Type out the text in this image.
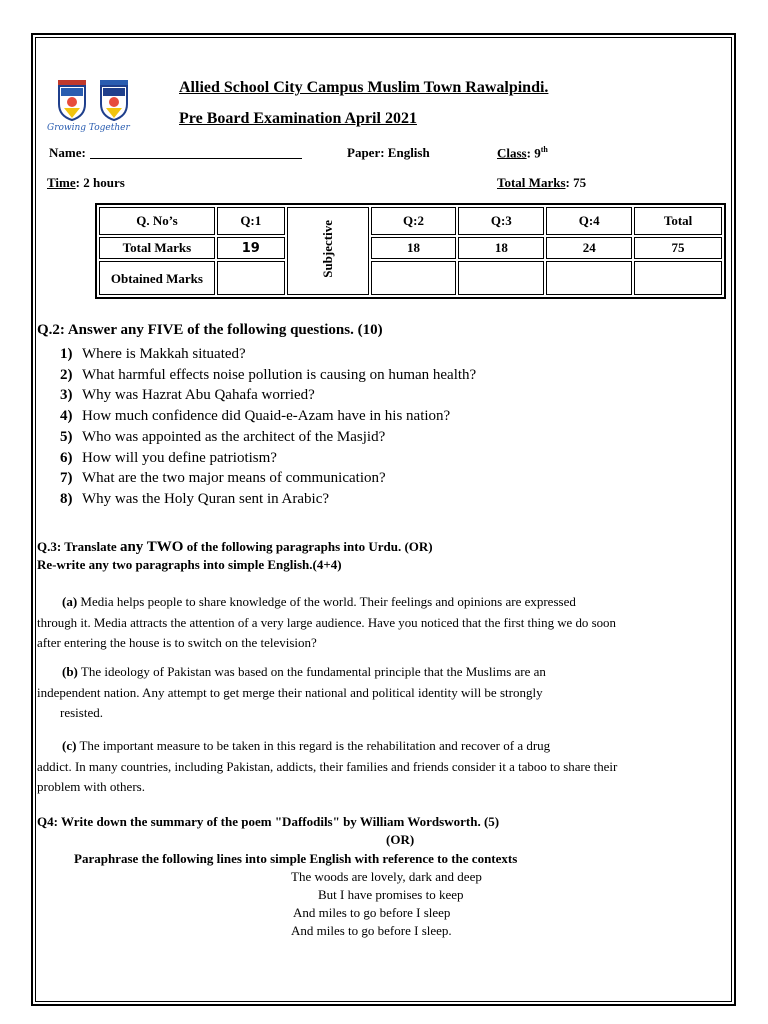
Growing Together
Allied School City Campus Muslim Town Rawalpindi.
Pre Board Examination April 2021
Name:	Paper: English	Class: 9th
Time: 2 hours	Total Marks: 75
Q. No’s	Q:1	Subjective	Q:2	Q:3	Q:4	Total
Total Marks	19		18	18	24	75
Obtained Marks						
Q.2: Answer any FIVE of the following questions. (10)
1) Where is Makkah situated?
2) What harmful effects noise pollution is causing on human health?
3) Why was Hazrat Abu Qahafa worried?
4) How much confidence did Quaid-e-Azam have in his nation?
5) Who was appointed as the architect of the Masjid?
6) How will you define patriotism?
7) What are the two major means of communication?
8) Why was the Holy Quran sent in Arabic?
Q.3: Translate any TWO of the following paragraphs into Urdu. (OR)
Re-write any two paragraphs into simple English.(4+4)
(a) Media helps people to share knowledge of the world. Their feelings and opinions are expressed
through it. Media attracts the attention of a very large audience. Have you noticed that the first thing we do soon
after entering the house is to switch on the television?
(b) The ideology of Pakistan was based on the fundamental principle that the Muslims are an
independent nation. Any attempt to get merge their national and political identity will be strongly
resisted.
(c) The important measure to be taken in this regard is the rehabilitation and recover of a drug
addict. In many countries, including Pakistan, addicts, their families and friends consider it a taboo to share their
problem with others.
Q4: Write down the summary of the poem "Daffodils" by William Wordsworth. (5)
(OR)
Paraphrase the following lines into simple English with reference to the contexts
The woods are lovely, dark and deep
But I have promises to keep
And miles to go before I sleep
And miles to go before I sleep.
